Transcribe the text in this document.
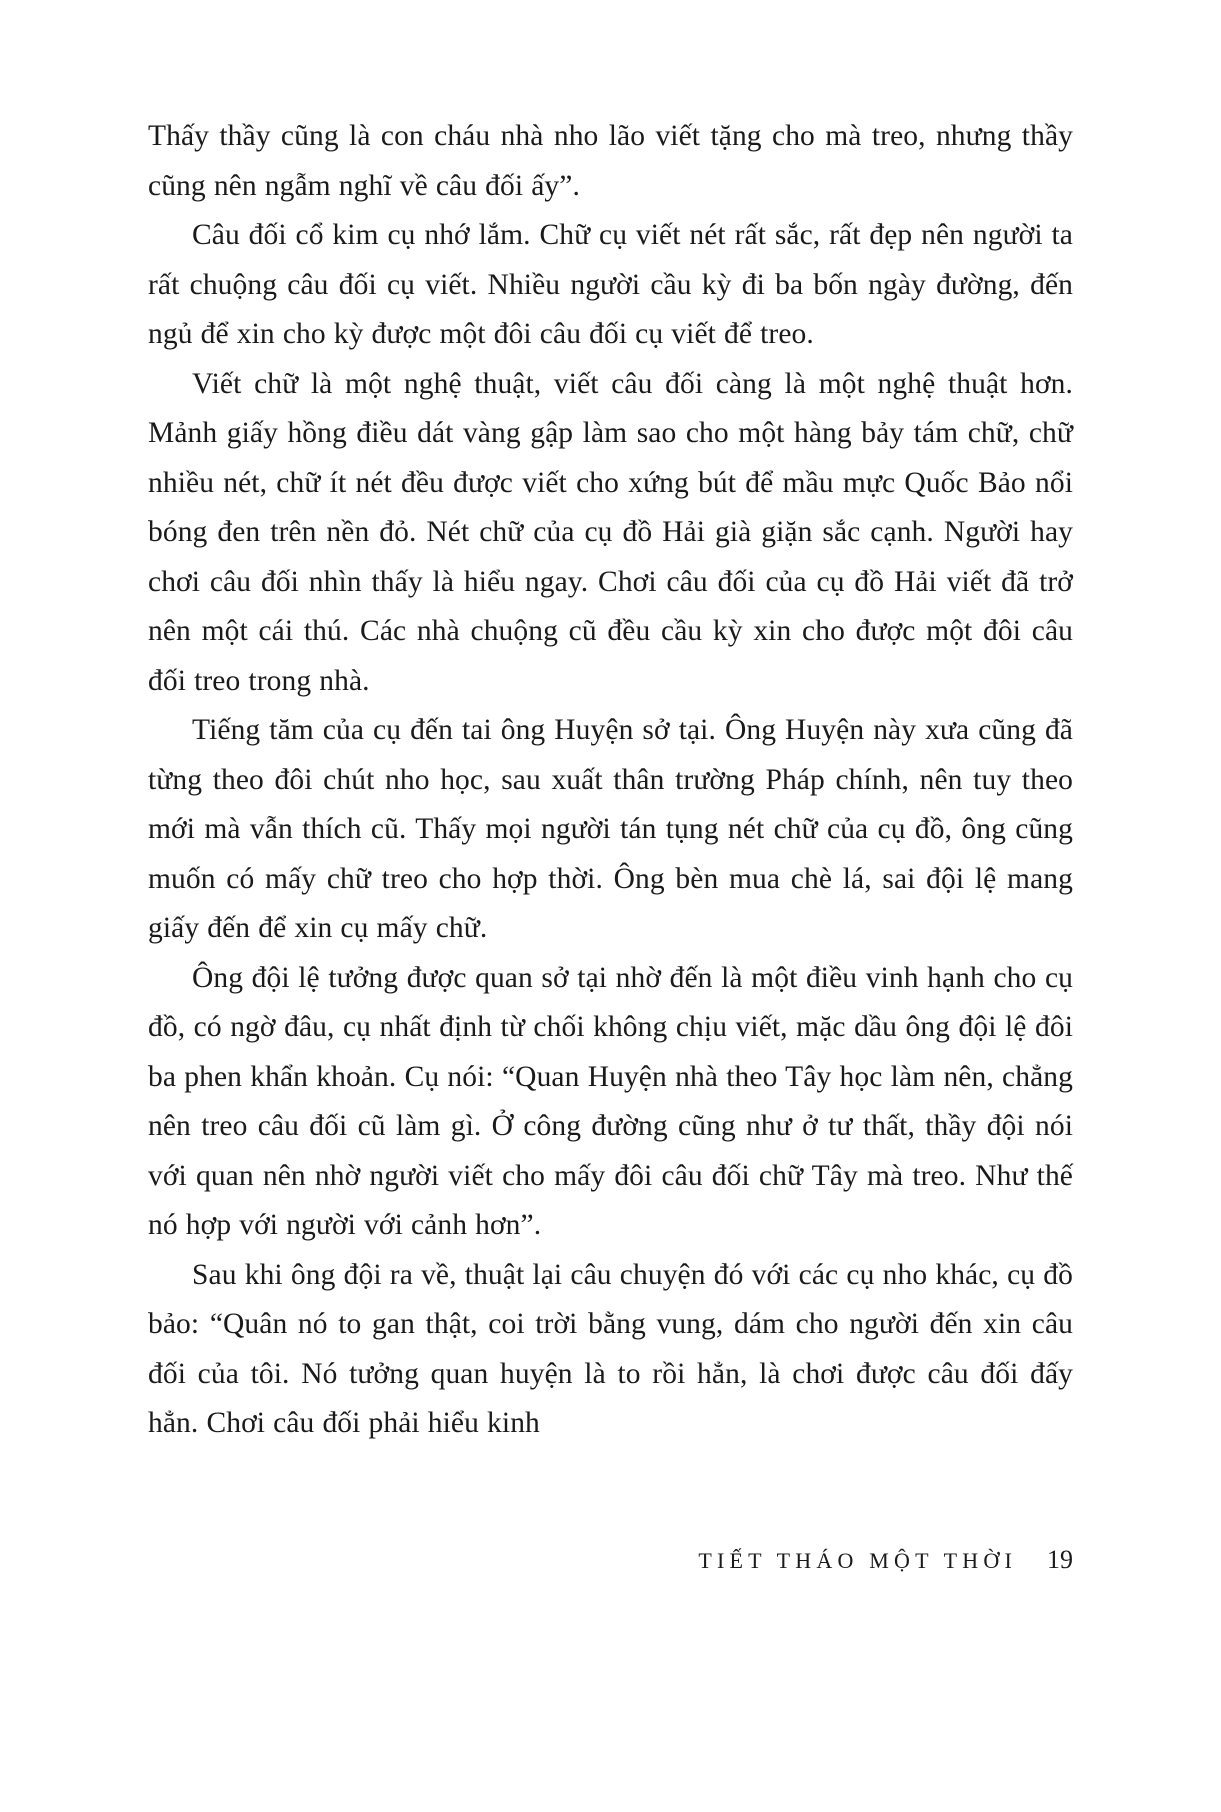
Thấy thầy cũng là con cháu nhà nho lão viết tặng cho mà treo, nhưng thầy cũng nên ngẫm nghĩ về câu đối ấy”.

Câu đối cổ kim cụ nhớ lắm. Chữ cụ viết nét rất sắc, rất đẹp nên người ta rất chuộng câu đối cụ viết. Nhiều người cầu kỳ đi ba bốn ngày đường, đến ngủ để xin cho kỳ được một đôi câu đối cụ viết để treo.

Viết chữ là một nghệ thuật, viết câu đối càng là một nghệ thuật hơn. Mảnh giấy hồng điều dát vàng gập làm sao cho một hàng bảy tám chữ, chữ nhiều nét, chữ ít nét đều được viết cho xứng bút để mầu mực Quốc Bảo nổi bóng đen trên nền đỏ. Nét chữ của cụ đồ Hải già giặn sắc cạnh. Người hay chơi câu đối nhìn thấy là hiểu ngay. Chơi câu đối của cụ đồ Hải viết đã trở nên một cái thú. Các nhà chuộng cũ đều cầu kỳ xin cho được một đôi câu đối treo trong nhà.

Tiếng tăm của cụ đến tai ông Huyện sở tại. Ông Huyện này xưa cũng đã từng theo đôi chút nho học, sau xuất thân trường Pháp chính, nên tuy theo mới mà vẫn thích cũ. Thấy mọi người tán tụng nét chữ của cụ đồ, ông cũng muốn có mấy chữ treo cho hợp thời. Ông bèn mua chè lá, sai đội lệ mang giấy đến để xin cụ mấy chữ.

Ông đội lệ tưởng được quan sở tại nhờ đến là một điều vinh hạnh cho cụ đồ, có ngờ đâu, cụ nhất định từ chối không chịu viết, mặc dầu ông đội lệ đôi ba phen khẩn khoản. Cụ nói: “Quan Huyện nhà theo Tây học làm nên, chẳng nên treo câu đối cũ làm gì. Ở công đường cũng như ở tư thất, thầy đội nói với quan nên nhờ người viết cho mấy đôi câu đối chữ Tây mà treo. Như thế nó hợp với người với cảnh hơn”.

Sau khi ông đội ra về, thuật lại câu chuyện đó với các cụ nho khác, cụ đồ bảo: “Quân nó to gan thật, coi trời bằng vung, dám cho người đến xin câu đối của tôi. Nó tưởng quan huyện là to rồi hẳn, là chơi được câu đối đấy hẳn. Chơi câu đối phải hiểu kinh

TIẾT THÁO MỘT THỜI 19
